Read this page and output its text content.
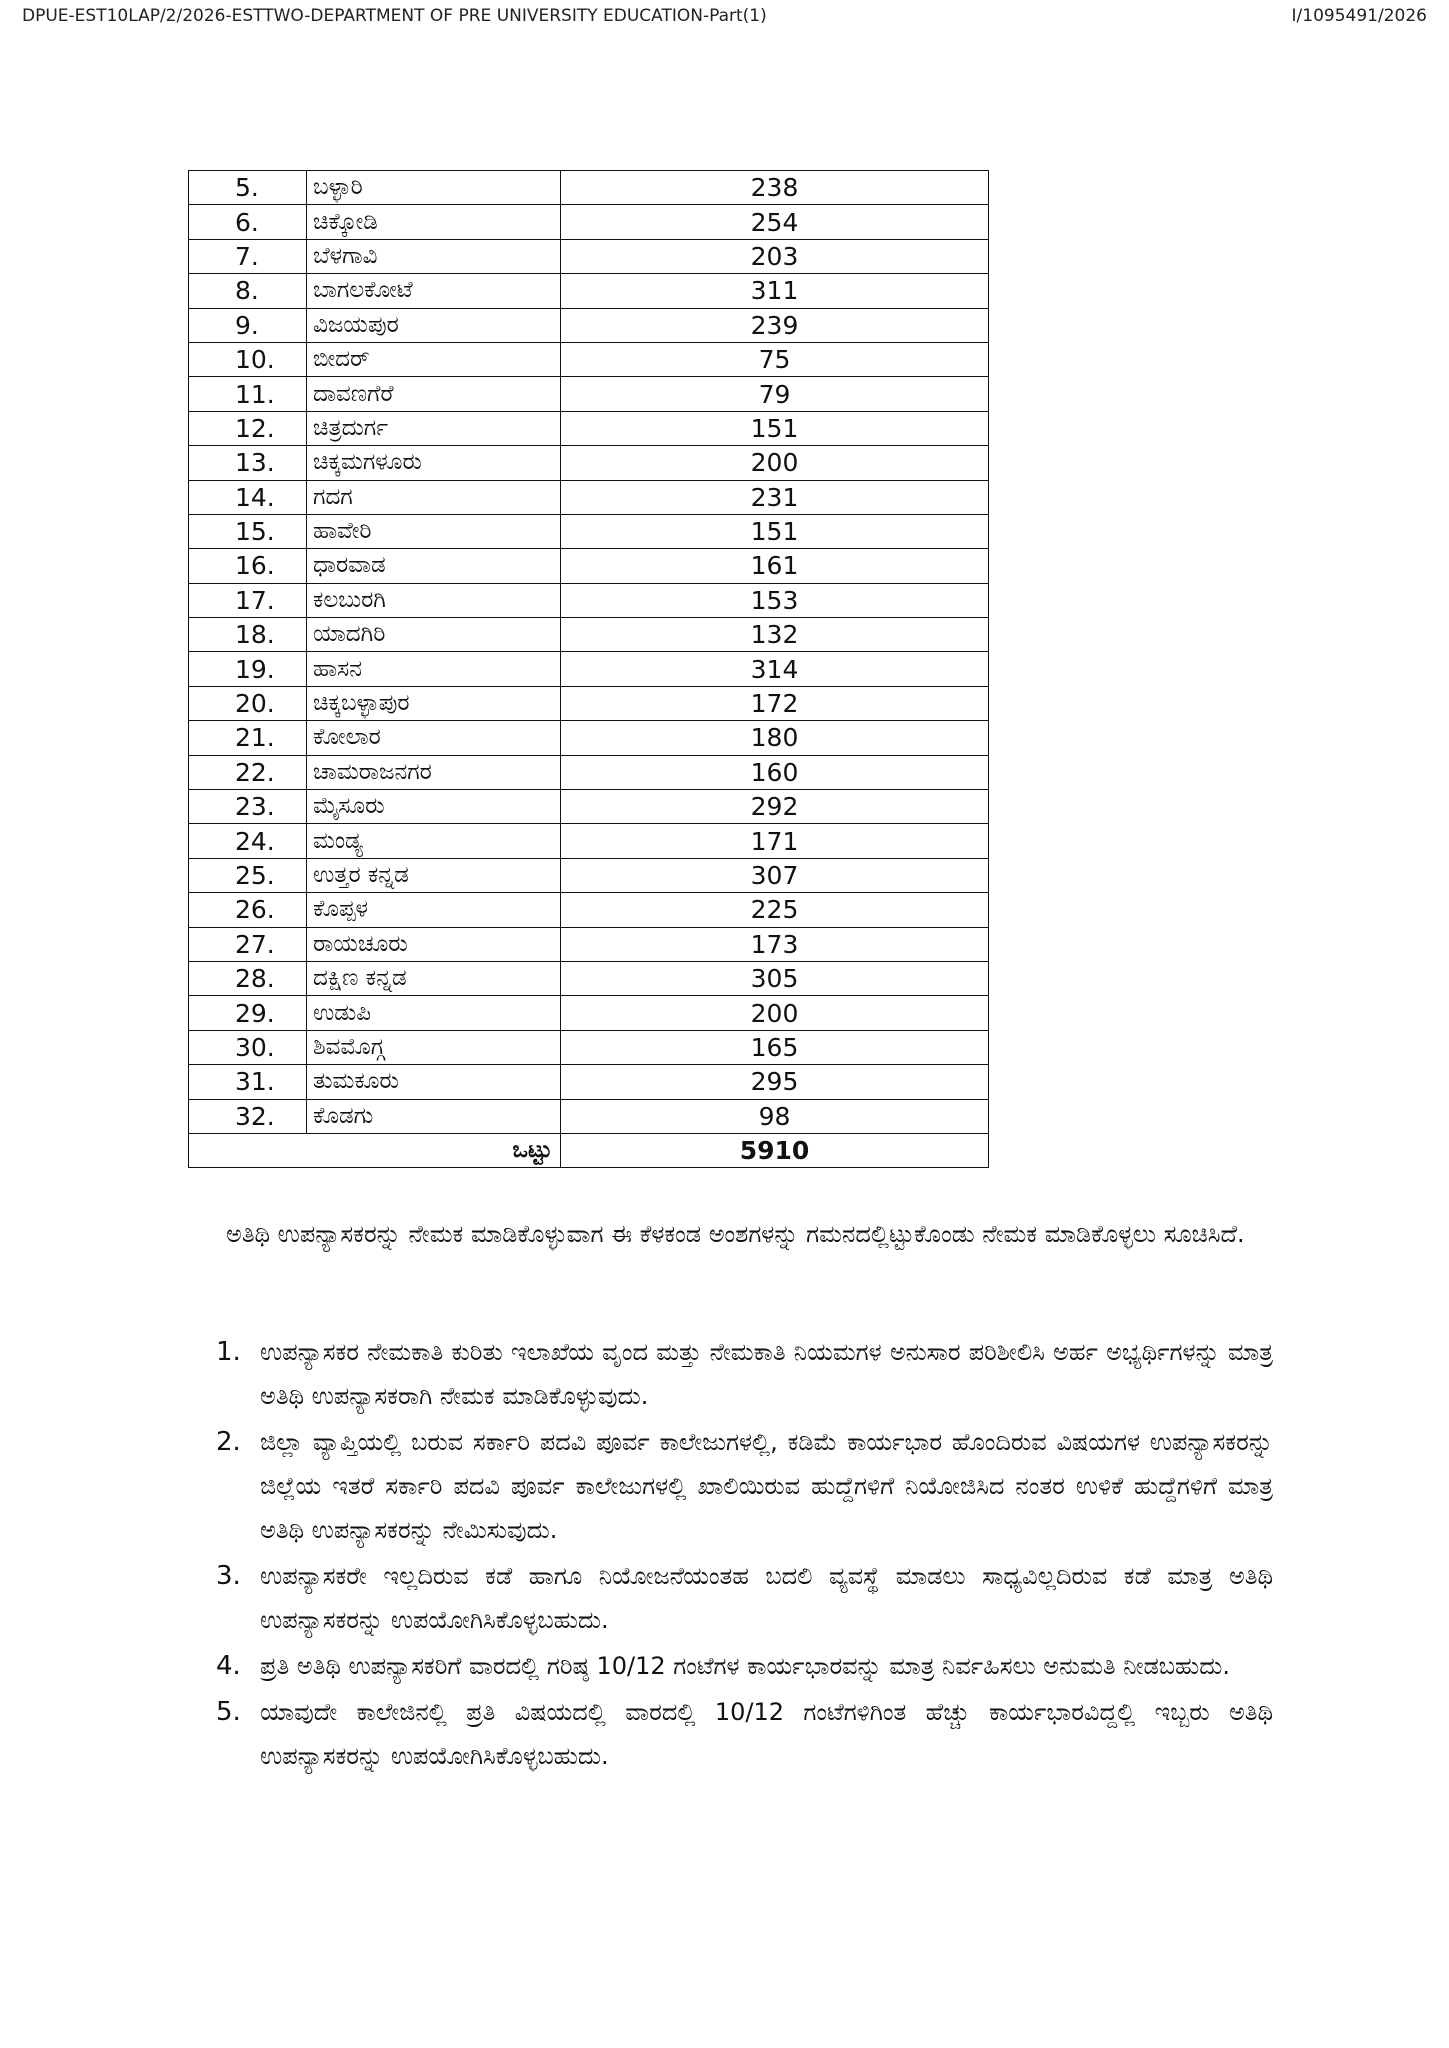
DPUE-EST10LAP/2/2026-ESTTWO-DEPARTMENT OF PRE UNIVERSITY EDUCATION-Part(1)	I/1095491/2026
5.	ಬಳ್ಳಾರಿ	238
6.	ಚಿಕ್ಕೋಡಿ	254
7.	ಬೆಳಗಾವಿ	203
8.	ಬಾಗಲಕೋಟೆ	311
9.	ವಿಜಯಪುರ	239
10.	ಬೀದರ್	75
11.	ದಾವಣಗೆರೆ	79
12.	ಚಿತ್ರದುರ್ಗ	151
13.	ಚಿಕ್ಕಮಗಳೂರು	200
14.	ಗದಗ	231
15.	ಹಾವೇರಿ	151
16.	ಧಾರವಾಡ	161
17.	ಕಲಬುರಗಿ	153
18.	ಯಾದಗಿರಿ	132
19.	ಹಾಸನ	314
20.	ಚಿಕ್ಕಬಳ್ಳಾಪುರ	172
21.	ಕೋಲಾರ	180
22.	ಚಾಮರಾಜನಗರ	160
23.	ಮೈಸೂರು	292
24.	ಮಂಡ್ಯ	171
25.	ಉತ್ತರ ಕನ್ನಡ	307
26.	ಕೊಪ್ಪಳ	225
27.	ರಾಯಚೂರು	173
28.	ದಕ್ಷಿಣ ಕನ್ನಡ	305
29.	ಉಡುಪಿ	200
30.	ಶಿವಮೊಗ್ಗ	165
31.	ತುಮಕೂರು	295
32.	ಕೊಡಗು	98
ಒಟ್ಟು		5910
ಅತಿಥಿ ಉಪನ್ಯಾಸಕರನ್ನು ನೇಮಕ ಮಾಡಿಕೊಳ್ಳುವಾಗ ಈ ಕೆಳಕಂಡ ಅಂಶಗಳನ್ನು ಗಮನದಲ್ಲಿಟ್ಟುಕೊಂಡು ನೇಮಕ ಮಾಡಿಕೊಳ್ಳಲು ಸೂಚಿಸಿದೆ.
1. ಉಪನ್ಯಾಸಕರ ನೇಮಕಾತಿ ಕುರಿತು ಇಲಾಖೆಯ ವೃಂದ ಮತ್ತು ನೇಮಕಾತಿ ನಿಯಮಗಳ ಅನುಸಾರ ಪರಿಶೀಲಿಸಿ ಅರ್ಹ ಅಭ್ಯರ್ಥಿಗಳನ್ನು ಮಾತ್ರ ಅತಿಥಿ ಉಪನ್ಯಾಸಕರಾಗಿ ನೇಮಕ ಮಾಡಿಕೊಳ್ಳುವುದು.
2. ಜಿಲ್ಲಾ ವ್ಯಾಪ್ತಿಯಲ್ಲಿ ಬರುವ ಸರ್ಕಾರಿ ಪದವಿ ಪೂರ್ವ ಕಾಲೇಜುಗಳಲ್ಲಿ, ಕಡಿಮೆ ಕಾರ್ಯಭಾರ ಹೊಂದಿರುವ ವಿಷಯಗಳ ಉಪನ್ಯಾಸಕರನ್ನು ಜಿಲ್ಲೆಯ ಇತರೆ ಸರ್ಕಾರಿ ಪದವಿ ಪೂರ್ವ ಕಾಲೇಜುಗಳಲ್ಲಿ ಖಾಲಿಯಿರುವ ಹುದ್ದೆಗಳಿಗೆ ನಿಯೋಜಿಸಿದ ನಂತರ ಉಳಿಕೆ ಹುದ್ದೆಗಳಿಗೆ ಮಾತ್ರ ಅತಿಥಿ ಉಪನ್ಯಾಸಕರನ್ನು ನೇಮಿಸುವುದು.
3. ಉಪನ್ಯಾಸಕರೇ ಇಲ್ಲದಿರುವ ಕಡೆ ಹಾಗೂ ನಿಯೋಜನೆಯಂತಹ ಬದಲಿ ವ್ಯವಸ್ಥೆ ಮಾಡಲು ಸಾಧ್ಯವಿಲ್ಲದಿರುವ ಕಡೆ ಮಾತ್ರ ಅತಿಥಿ ಉಪನ್ಯಾಸಕರನ್ನು ಉಪಯೋಗಿಸಿಕೊಳ್ಳಬಹುದು.
4. ಪ್ರತಿ ಅತಿಥಿ ಉಪನ್ಯಾಸಕರಿಗೆ ವಾರದಲ್ಲಿ ಗರಿಷ್ಠ 10/12 ಗಂಟೆಗಳ ಕಾರ್ಯಭಾರವನ್ನು ಮಾತ್ರ ನಿರ್ವಹಿಸಲು ಅನುಮತಿ ನೀಡಬಹುದು.
5. ಯಾವುದೇ ಕಾಲೇಜಿನಲ್ಲಿ ಪ್ರತಿ ವಿಷಯದಲ್ಲಿ ವಾರದಲ್ಲಿ 10/12 ಗಂಟೆಗಳಿಗಿಂತ ಹೆಚ್ಚು ಕಾರ್ಯಭಾರವಿದ್ದಲ್ಲಿ ಇಬ್ಬರು ಅತಿಥಿ ಉಪನ್ಯಾಸಕರನ್ನು ಉಪಯೋಗಿಸಿಕೊಳ್ಳಬಹುದು.
